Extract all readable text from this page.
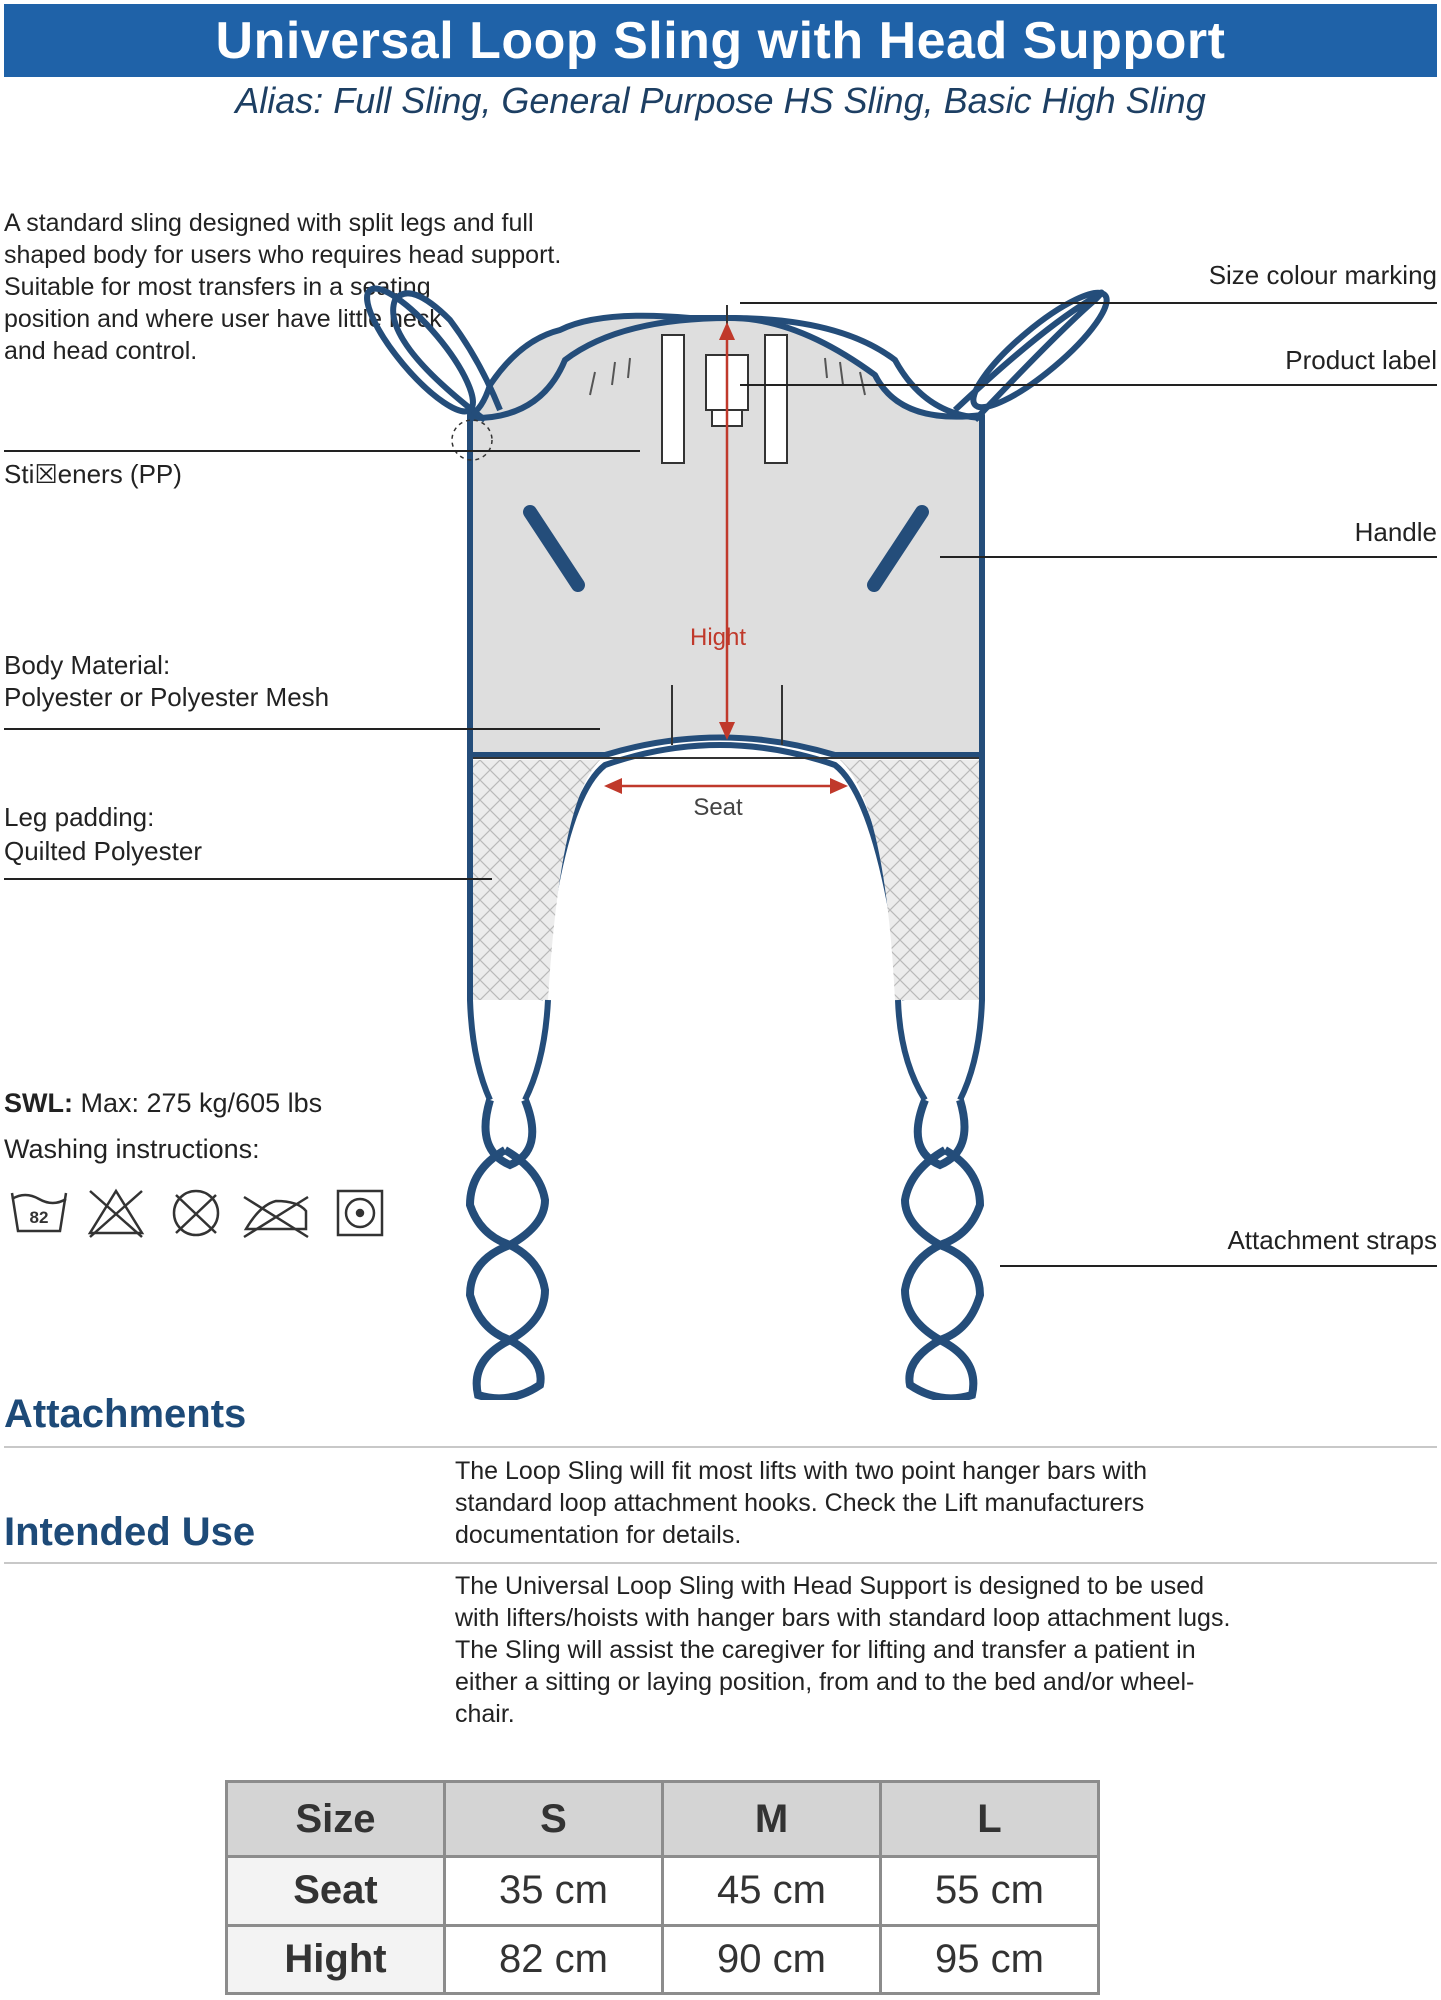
Universal Loop Sling with Head Support
Alias: Full Sling, General Purpose HS Sling, Basic High Sling
A standard sling designed with split legs and full
shaped body for users who requires head support.
Suitable for most transfers in a seating
position and where user have little neck
and head control.
Hight
Seat
Sti☒eners (PP)
Body Material:
Polyester or Polyester Mesh
Leg padding:
Quilted Polyester
Size colour marking
Product label
Handle
Attachment straps
SWL: Max: 275 kg/605 lbs
Washing instructions:
82
Attachments
The Loop Sling will fit most lifts with two point hanger bars with
standard loop attachment hooks. Check the Lift manufacturers
documentation for details.
Intended Use
The Universal Loop Sling with Head Support is designed to be used
with lifters/hoists with hanger bars with standard loop attachment lugs.
The Sling will assist the caregiver for lifting and transfer a patient in
either a sitting or laying position, from and to the bed and/or wheel-
chair.
Size	S	M	L
Seat	35 cm	45 cm	55 cm
Hight	82 cm	90 cm	95 cm
